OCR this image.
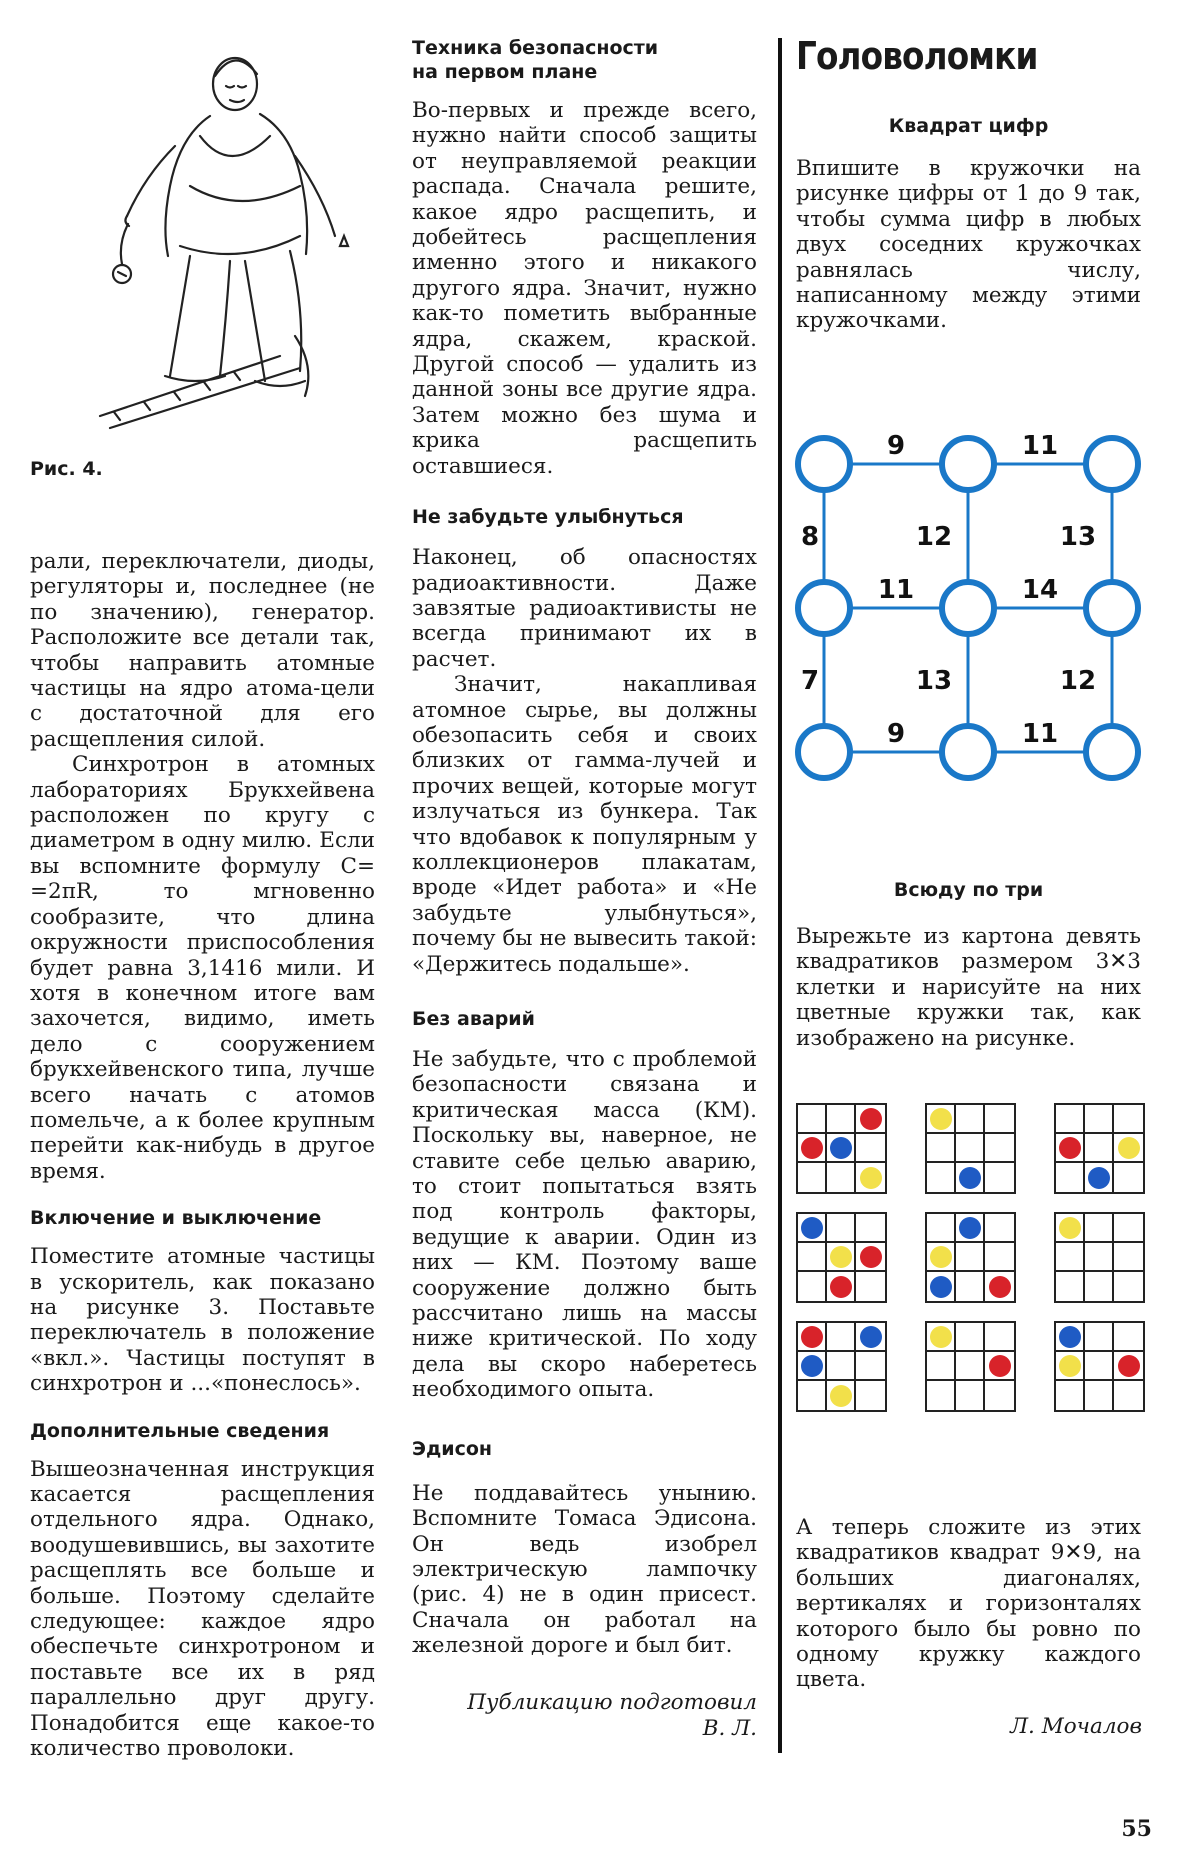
Рис. 4.

рали, переключатели, диоды, регуляторы и, последнее (не по значению), генератор. Расположите все детали так, чтобы направить атомные частицы на ядро атома-цели с достаточной для его расщепления силой.

Синхротрон в атомных лабораториях Брукхейвена расположен по кругу с диаметром в одну милю. Если вы вспомните формулу C= =2πR, то мгновенно сообразите, что длина окружности приспособления будет равна 3,1416 мили. И хотя в конечном итоге вам захочется, видимо, иметь дело с сооружением брукхейвенского типа, лучше всего начать с атомов помельче, а к более крупным перейти как-нибудь в другое время.

Включение и выключение

Поместите атомные частицы в ускоритель, как показано на рисунке 3. Поставьте переключатель в положение «вкл.». Частицы поступят в синхротрон и ...«понеслось».

Дополнительные сведения

Вышеозначенная инструкция касается расщепления отдельного ядра. Однако, воодушевившись, вы захотите расщеплять все больше и больше. Поэтому сделайте следующее: каждое ядро обеспечьте синхротроном и поставьте все их в ряд параллельно друг другу. Понадобится еще какое-то количество проволоки.

Техника безопасности
на первом плане

Во-первых и прежде всего, нужно найти способ защиты от неуправляемой реакции распада. Сначала решите, какое ядро расщепить, и добейтесь расщепления именно этого и никакого другого ядра. Значит, нужно как-то пометить выбранные ядра, скажем, краской. Другой способ — удалить из данной зоны все другие ядра. Затем можно без шума и крика расщепить оставшиеся.

Не забудьте улыбнуться

Наконец, об опасностях радиоактивности. Даже завзятые радиоактивисты не всегда принимают их в расчет.

Значит, накапливая атомное сырье, вы должны обезопасить себя и своих близких от гамма-лучей и прочих вещей, которые могут излучаться из бункера. Так что вдобавок к популярным у коллекционеров плакатам, вроде «Идет работа» и «Не забудьте улыбнуться», почему бы не вывесить такой: «Держитесь подальше».

Без аварий

Не забудьте, что с проблемой безопасности связана и критическая масса (КМ). Поскольку вы, наверное, не ставите себе целью аварию, то стоит попытаться взять под контроль факторы, ведущие к аварии. Один из них — КМ. Поэтому ваше сооружение должно быть рассчитано лишь на массы ниже критической. По ходу дела вы скоро наберетесь необходимого опыта.

Эдисон

Не поддавайтесь унынию. Вспомните Томаса Эдисона. Он ведь изобрел электрическую лампочку (рис. 4) не в один присест. Сначала он работал на железной дороге и был бит.

Публикацию подготовил
В. Л.
Головоломки
Квадрат цифр

Впишите в кружочки на рисунке цифры от 1 до 9 так, чтобы сумма цифр в любых двух соседних кружочках равнялась числу, написанному между этими кружочками.

9	11
11	14
9	11
8	12	13
7	13	12
Всюду по три

Вырежьте из картона девять квадратиков размером 3✕3 клетки и нарисуйте на них цветные кружки так, как изображено на рисунке.

А теперь сложите из этих квадратиков квадрат 9✕9, на больших диагоналях, вертикалях и горизонталях которого было бы ровно по одному кружку каждого цвета.

Л. Мочалов
55
